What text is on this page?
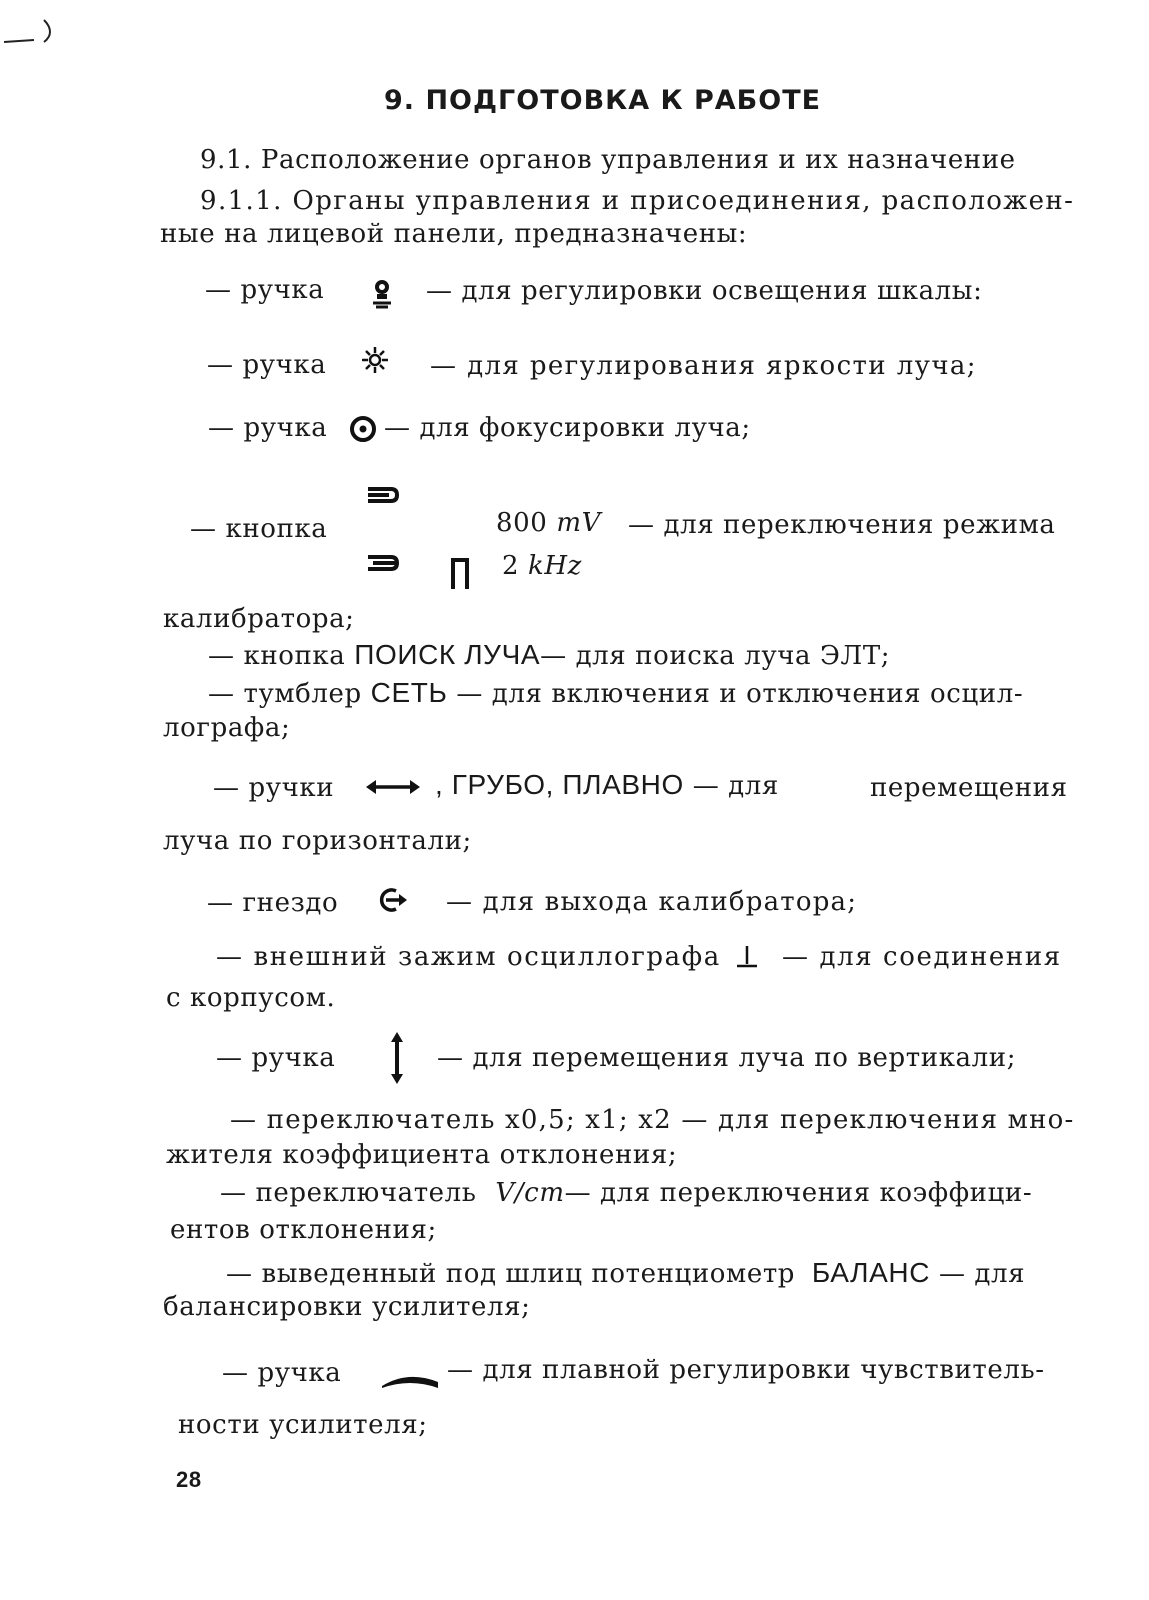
9. ПОДГОТОВКА К РАБОТЕ
9.1. Расположение органов управления и их назначение
9.1.1. Органы управления и присоединения, расположен-
ные на лицевой панели, предназначены:
— ручка	— для регулировки освещения шкалы:
— ручка	— для регулирования яркости луча;
— ручка — для фокусировки луча;
— кнопка	800 mV — для переключения режима
2 kHz
калибратора;
— кнопка ПОИСК ЛУЧА— для поиска луча ЭЛТ;
— тумблер СЕТЬ — для включения и отключения осцил-
лографа;
— ручки	, ГРУБО, ПЛАВНО — для	перемещения
луча по горизонтали;
— гнездо	— для выхода калибратора;
— внешний зажим осциллографа — для соединения
с корпусом.
— ручка	— для перемещения луча по вертикали;
— переключатель х0,5; х1; х2 — для переключения мно-
жителя коэффициента отклонения;
— переключатель V/cm— для переключения коэффици-
ентов отклонения;
— выведенный под шлиц потенциометр БАЛАНС — для
балансировки усилителя;
— ручка	— для плавной регулировки чувствитель-
ности усилителя;
28
